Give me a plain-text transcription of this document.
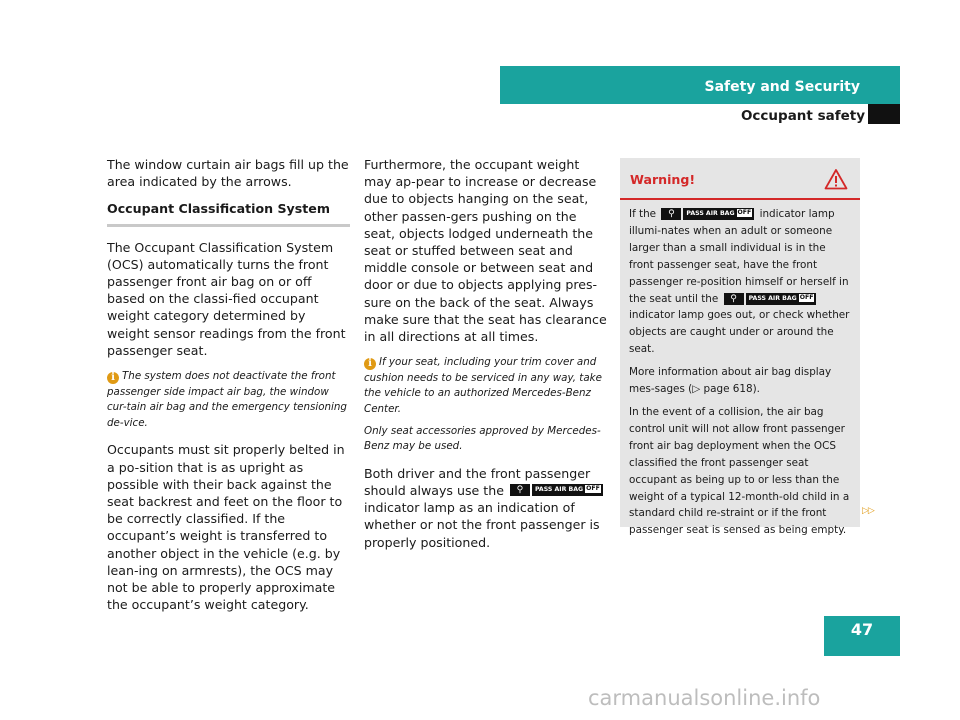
Safety and Security
Occupant safety

The window curtain air bags fill up the area indicated by the arrows.

Occupant Classification System

The Occupant Classification System (OCS) automatically turns the front passenger front air bag on or off based on the classi-fied occupant weight category determined by weight sensor readings from the front passenger seat.

i The system does not deactivate the front passenger side impact air bag, the window cur-tain air bag and the emergency tensioning de-vice.

Occupants must sit properly belted in a po-sition that is as upright as possible with their back against the seat backrest and feet on the floor to be correctly classified. If the occupant’s weight is transferred to another object in the vehicle (e.g. by lean-ing on armrests), the OCS may not be able to properly approximate the occupant’s weight category.

Furthermore, the occupant weight may ap-pear to increase or decrease due to objects hanging on the seat, other passen-gers pushing on the seat, objects lodged underneath the seat or stuffed between seat and middle console or between seat and door or due to objects applying pres-sure on the back of the seat. Always make sure that the seat has clearance in all directions at all times.

i If your seat, including your trim cover and cushion needs to be serviced in any way, take the vehicle to an authorized Mercedes-Benz Center.

Only seat accessories approved by Mercedes-Benz may be used.

Both driver and the front passenger should always use the ⚲ PASS AIR BAG OFF indicator lamp as an indication of whether or not the front passenger is properly positioned.

Warning!

If the ⚲ PASS AIR BAG OFF indicator lamp illumi-nates when an adult or someone larger than a small individual is in the front passenger seat, have the front passenger re-position himself or herself in the seat until the ⚲ PASS AIR BAG OFF indicator lamp goes out, or check whether objects are caught under or around the seat.

More information about air bag display mes-sages (▷ page 618).

In the event of a collision, the air bag control unit will not allow front passenger front air bag deployment when the OCS classified the front passenger seat occupant as being up to or less than the weight of a typical 12-month-old child in a standard child re-straint or if the front passenger seat is sensed as being empty.

▷▷
47
carmanualsonline.info
